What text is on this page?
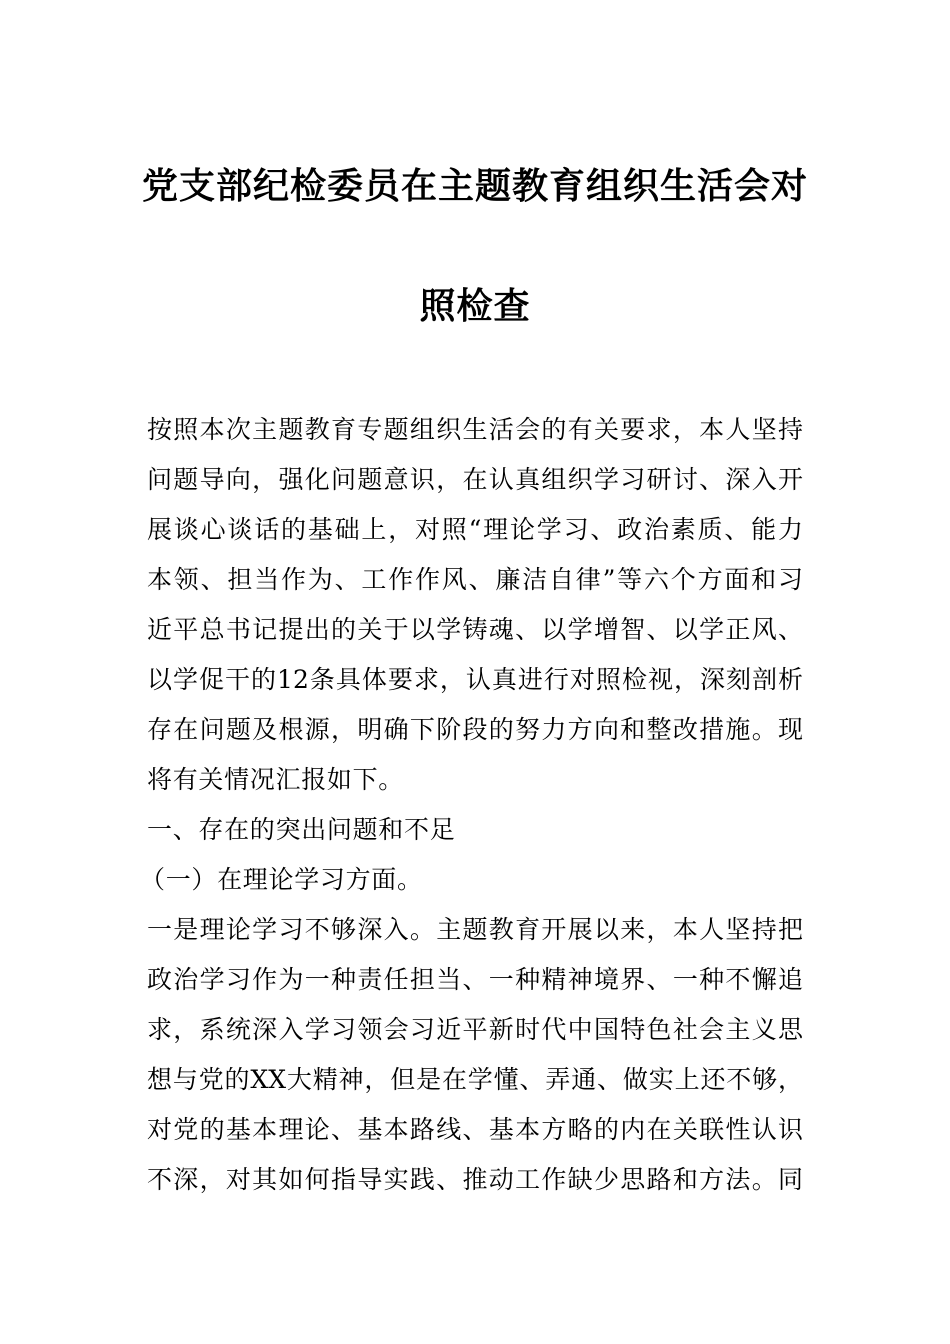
党支部纪检委员在主题教育组织生活会对
照检查
按照本次主题教育专题组织生活会的有关要求，本人坚持
问题导向，强化问题意识，在认真组织学习研讨、深入开
展谈心谈话的基础上，对照“理论学习、政治素质、能力
本领、担当作为、工作作风、廉洁自律”等六个方面和习
近平总书记提出的关于以学铸魂、以学增智、以学正风、
以学促干的12条具体要求，认真进行对照检视，深刻剖析
存在问题及根源，明确下阶段的努力方向和整改措施。现
将有关情况汇报如下。
一、存在的突出问题和不足
（一）在理论学习方面。
一是理论学习不够深入。主题教育开展以来，本人坚持把
政治学习作为一种责任担当、一种精神境界、一种不懈追
求，系统深入学习领会习近平新时代中国特色社会主义思
想与党的XX大精神，但是在学懂、弄通、做实上还不够，
对党的基本理论、基本路线、基本方略的内在关联性认识
不深，对其如何指导实践、推动工作缺少思路和方法。同
